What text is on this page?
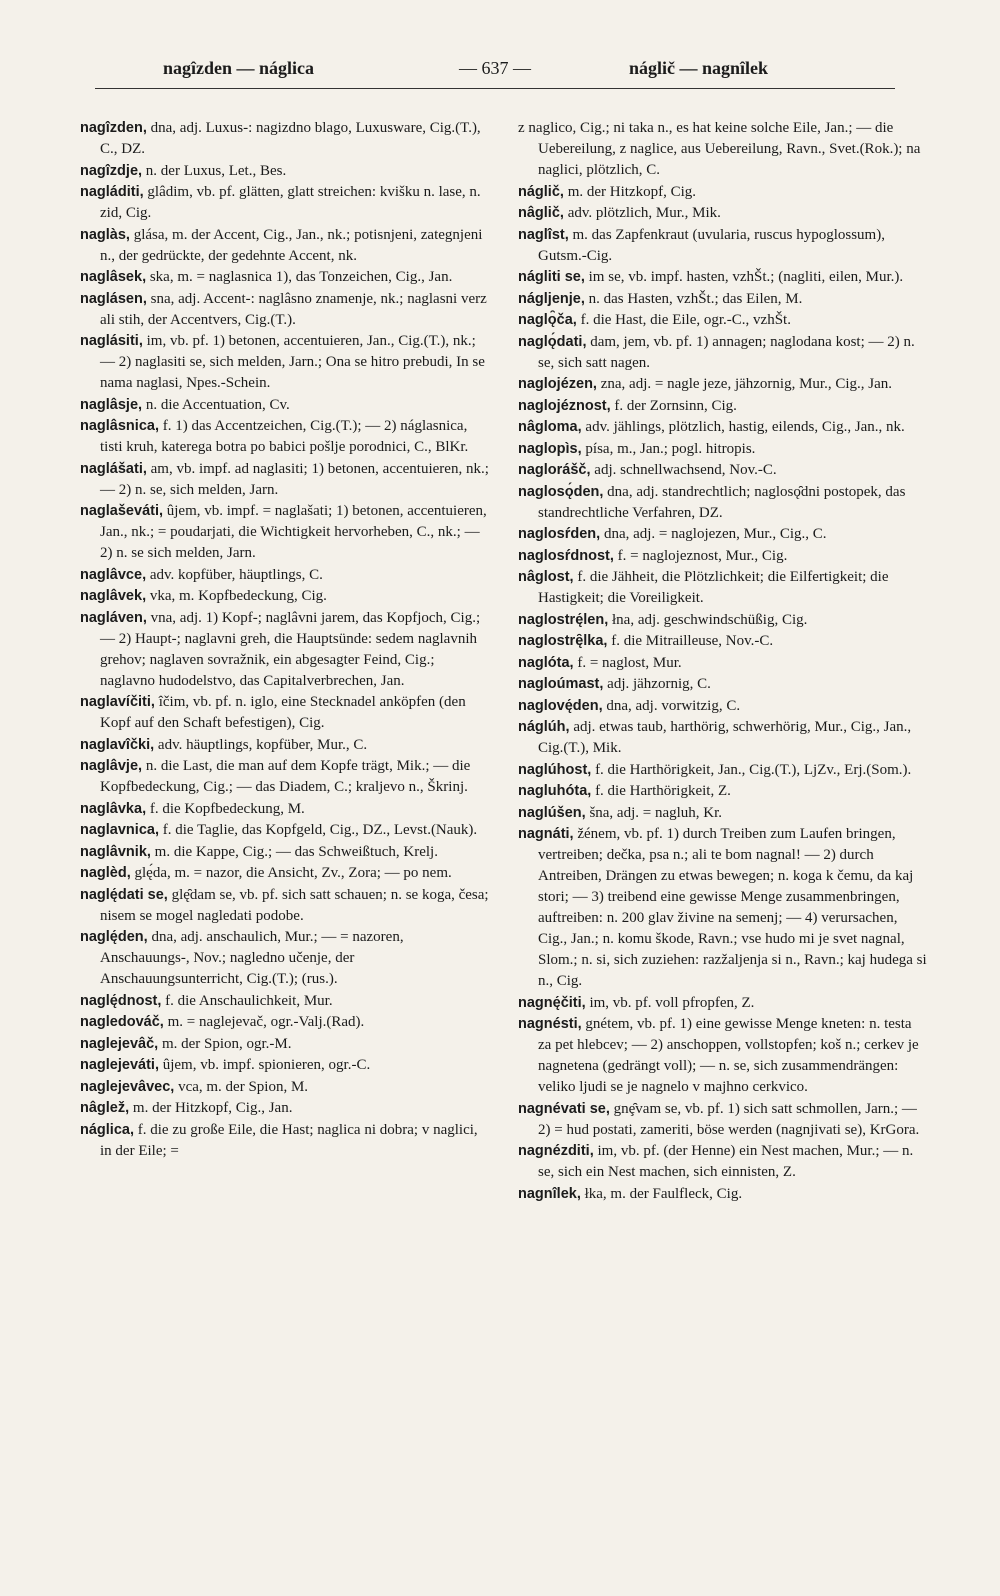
nagîzden — náglica	— 637 —	náglič — nagnîlek

nagîzden, dna, adj. Luxus-: nagizdno blago, Luxusware, Cig.(T.), C., DZ.

nagîzdje, n. der Luxus, Let., Bes.

nagláditi, glâdim, vb. pf. glätten, glatt streichen: kvišku n. lase, n. zid, Cig.

naglàs, glása, m. der Accent, Cig., Jan., nk.; potisnjeni, zategnjeni n., der gedrückte, der gedehnte Accent, nk.

naglâsek, ska, m. = naglasnica 1), das Tonzeichen, Cig., Jan.

naglásen, sna, adj. Accent-: naglâsno znamenje, nk.; naglasni verz ali stih, der Accentvers, Cig.(T.).

naglásiti, im, vb. pf. 1) betonen, accentuieren, Jan., Cig.(T.), nk.; — 2) naglasiti se, sich melden, Jarn.; Ona se hitro prebudi, In se nama naglasi, Npes.-Schein.

naglâsje, n. die Accentuation, Cv.

naglâsnica, f. 1) das Accentzeichen, Cig.(T.); — 2) náglasnica, tisti kruh, katerega botra po babici pošlje porodnici, C., BlKr.

naglášati, am, vb. impf. ad naglasiti; 1) betonen, accentuieren, nk.; — 2) n. se, sich melden, Jarn.

naglaševáti, ûjem, vb. impf. = naglašati; 1) betonen, accentuieren, Jan., nk.; = poudarjati, die Wichtigkeit hervorheben, C., nk.; — 2) n. se sich melden, Jarn.

naglâvce, adv. kopfüber, häuptlings, C.

naglâvek, vka, m. Kopfbedeckung, Cig.

nagláven, vna, adj. 1) Kopf-; naglâvni jarem, das Kopfjoch, Cig.; — 2) Haupt-; naglavni greh, die Hauptsünde: sedem naglavnih grehov; naglaven sovražnik, ein abgesagter Feind, Cig.; naglavno hudodelstvo, das Capitalverbrechen, Jan.

naglavíčiti, îčim, vb. pf. n. iglo, eine Stecknadel anköpfen (den Kopf auf den Schaft befestigen), Cig.

naglavîčki, adv. häuptlings, kopfüber, Mur., C.

naglâvje, n. die Last, die man auf dem Kopfe trägt, Mik.; — die Kopfbedeckung, Cig.; — das Diadem, C.; kraljevo n., Škrinj.

naglâvka, f. die Kopfbedeckung, M.

naglavnica, f. die Taglie, das Kopfgeld, Cig., DZ., Levst.(Nauk).

naglâvnik, m. die Kappe, Cig.; — das Schweißtuch, Krelj.

naglèd, glę́da, m. = nazor, die Ansicht, Zv., Zora; — po nem.

naglę́dati se, glę̑dam se, vb. pf. sich satt schauen; n. se koga, česa; nisem se mogel nagledati podobe.

naglę́den, dna, adj. anschaulich, Mur.; — = nazoren, Anschauungs-, Nov.; nagledno učenje, der Anschauungsunterricht, Cig.(T.); (rus.).

naglę́dnost, f. die Anschaulichkeit, Mur.

nagledováč, m. = naglejevač, ogr.-Valj.(Rad).

naglejevâč, m. der Spion, ogr.-M.

naglejeváti, ûjem, vb. impf. spionieren, ogr.-C.

naglejevâvec, vca, m. der Spion, M.

nâglež, m. der Hitzkopf, Cig., Jan.

náglica, f. die zu große Eile, die Hast; naglica ni dobra; v naglici, in der Eile; =

z naglico, Cig.; ni taka n., es hat keine solche Eile, Jan.; — die Uebereilung, z naglice, aus Uebereilung, Ravn., Svet.(Rok.); na naglici, plötzlich, C.

náglič, m. der Hitzkopf, Cig.

nâglič, adv. plötzlich, Mur., Mik.

naglîst, m. das Zapfenkraut (uvularia, ruscus hypoglossum), Gutsm.-Cig.

nágliti se, im se, vb. impf. hasten, vzhŠt.; (nagliti, eilen, Mur.).

náglјenje, n. das Hasten, vzhŠt.; das Eilen, M.

naglǫ̑ča, f. die Hast, die Eile, ogr.-C., vzhŠt.

naglǫ́dati, dam, jem, vb. pf. 1) annagen; naglodana kost; — 2) n. se, sich satt nagen.

naglojézen, zna, adj. = nagle jeze, jähzornig, Mur., Cig., Jan.

naglojéznost, f. der Zornsinn, Cig.

nâgloma, adv. jählings, plötzlich, hastig, eilends, Cig., Jan., nk.

naglopìs, písa, m., Jan.; pogl. hitropis.

naglorášč, adj. schnellwachsend, Nov.-C.

naglosǫ́den, dna, adj. standrechtlich; naglosǫ̑dni postopek, das standrechtliche Verfahren, DZ.

naglosŕden, dna, adj. = naglojezen, Mur., Cig., C.

naglosŕdnost, f. = naglojeznost, Mur., Cig.

nâglost, f. die Jähheit, die Plötzlichkeit; die Eilfertigkeit; die Hastigkeit; die Voreiligkeit.

naglostrę́len, łna, adj. geschwindschüßig, Cig.

naglostrę̑lka, f. die Mitrailleuse, Nov.-C.

naglóta, f. = naglost, Mur.

naglоúmast, adj. jähzornig, C.

naglovę́den, dna, adj. vorwitzig, C.

náglúh, adj. etwas taub, harthörig, schwerhörig, Mur., Cig., Jan., Cig.(T.), Mik.

naglúhost, f. die Harthörigkeit, Jan., Cig.(T.), LjZv., Erj.(Som.).

nagluhóta, f. die Harthörigkeit, Z.

naglúšen, šna, adj. = nagluh, Kr.

nagnáti, žénem, vb. pf. 1) durch Treiben zum Laufen bringen, vertreiben; dečka, psa n.; ali te bom nagnal! — 2) durch Antreiben, Drängen zu etwas bewegen; n. koga k čemu, da kaj stori; — 3) treibend eine gewisse Menge zusammenbringen, auftreiben: n. 200 glav živine na semenj; — 4) verursachen, Cig., Jan.; n. komu škode, Ravn.; vse hudo mi je svet nagnal, Slom.; n. si, sich zuziehen: razžaljenja si n., Ravn.; kaj hudega si n., Cig.

nagnę́čiti, im, vb. pf. voll pfropfen, Z.

nagnésti, gnétem, vb. pf. 1) eine gewisse Menge kneten: n. testa za pet hlebcev; — 2) anschoppen, vollstopfen; koš n.; cerkev je nagnetena (gedrängt voll); — n. se, sich zusammendrängen: veliko ljudi se je nagnelo v majhno cerkvico.

nagnévati se, gnȩ̑vam se, vb. pf. 1) sich satt schmollen, Jarn.; — 2) = hud postati, zameriti, böse werden (nagnjivati se), KrGora.

nagnézditi, im, vb. pf. (der Henne) ein Nest machen, Mur.; — n. se, sich ein Nest machen, sich einnisten, Z.

nagnîlek, łka, m. der Faulfleck, Cig.
